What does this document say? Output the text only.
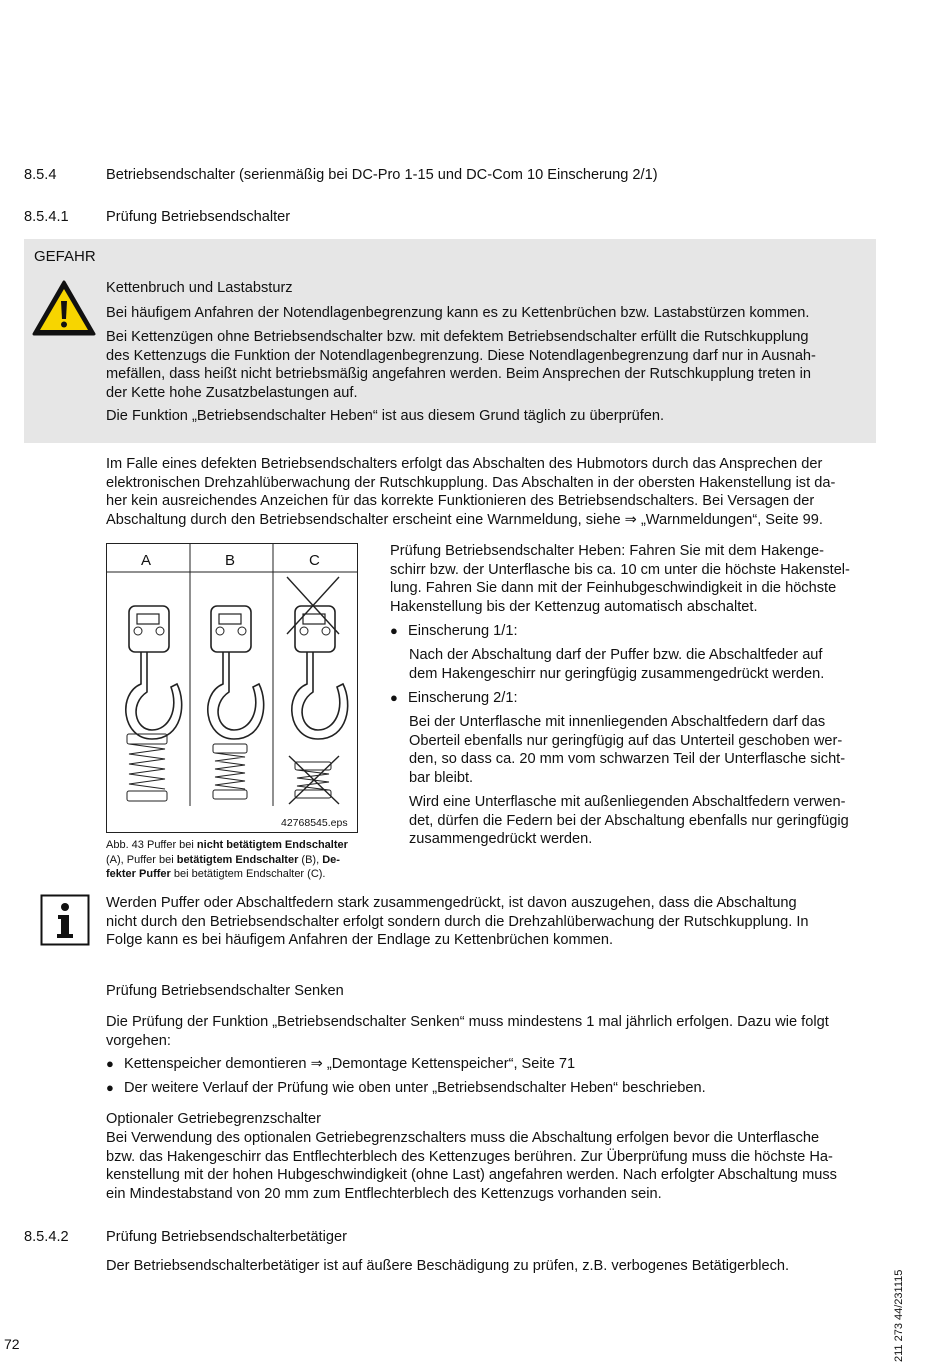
8.5.4	Betriebsendschalter (serienmäßig bei DC-Pro 1-15 und DC-Com 10 Einscherung 2/1)
8.5.4.1	Prüfung Betriebsendschalter
GEFAHR
Kettenbruch und Lastabsturz
Bei häufigem Anfahren der Notendlagenbegrenzung kann es zu Kettenbrüchen bzw. Lastabstürzen kommen.

Bei Kettenzügen ohne Betriebsendschalter bzw. mit defektem Betriebsendschalter erfüllt die Rutschkupplung

des Kettenzugs die Funktion der Notendlagenbegrenzung. Diese Notendlagenbegrenzung darf nur in Ausnah-

mefällen, dass heißt nicht betriebsmäßig angefahren werden. Beim Ansprechen der Rutschkupplung treten in

der Kette hohe Zusatzbelastungen auf.

Die Funktion „Betriebsendschalter Heben“ ist aus diesem Grund täglich zu überprüfen.

Im Falle eines defekten Betriebsendschalters erfolgt das Abschalten des Hubmotors durch das Ansprechen der

elektronischen Drehzahlüberwachung der Rutschkupplung. Das Abschalten in der obersten Hakenstellung ist da-

her kein ausreichendes Anzeichen für das korrekte Funktionieren des Betriebsendschalters. Bei Versagen der

Abschaltung durch den Betriebsendschalter erscheint eine Warnmeldung, siehe ⇒ „Warnmeldungen“, Seite 99.

A	B	C
42768545.eps
Abb. 43 Puffer bei nicht betätigtem Endschalter (A), Puffer bei betätigtem Endschalter (B), De-fekter Puffer bei betätigtem Endschalter (C).

Prüfung Betriebsendschalter Heben: Fahren Sie mit dem Hakenge-

schirr bzw. der Unterflasche bis ca. 10 cm unter die höchste Hakenstel-

lung. Fahren Sie dann mit der Feinhubgeschwindigkeit in die höchste

Hakenstellung bis der Kettenzug automatisch abschaltet.

● Einscherung 1/1:

Nach der Abschaltung darf der Puffer bzw. die Abschaltfeder auf

dem Hakengeschirr nur geringfügig zusammengedrückt werden.

● Einscherung 2/1:

Bei der Unterflasche mit innenliegenden Abschaltfedern darf das

Oberteil ebenfalls nur geringfügig auf das Unterteil geschoben wer-

den, so dass ca. 20 mm vom schwarzen Teil der Unterflasche sicht-

bar bleibt.

Wird eine Unterflasche mit außenliegenden Abschaltfedern verwen-

det, dürfen die Federn bei der Abschaltung ebenfalls nur geringfügig

zusammengedrückt werden.

Werden Puffer oder Abschaltfedern stark zusammengedrückt, ist davon auszugehen, dass die Abschaltung

nicht durch den Betriebsendschalter erfolgt sondern durch die Drehzahlüberwachung der Rutschkupplung. In

Folge kann es bei häufigem Anfahren der Endlage zu Kettenbrüchen kommen.

Prüfung Betriebsendschalter Senken

Die Prüfung der Funktion „Betriebsendschalter Senken“ muss mindestens 1 mal jährlich erfolgen. Dazu wie folgt

vorgehen:

● Kettenspeicher demontieren ⇒ „Demontage Kettenspeicher“, Seite 71
● Der weitere Verlauf der Prüfung wie oben unter „Betriebsendschalter Heben“ beschrieben.
Optionaler Getriebegrenzschalter

Bei Verwendung des optionalen Getriebegrenzschalters muss die Abschaltung erfolgen bevor die Unterflasche

bzw. das Hakengeschirr das Entflechterblech des Kettenzuges berühren. Zur Überprüfung muss die höchste Ha-

kenstellung mit der hohen Hubgeschwindigkeit (ohne Last) angefahren werden. Nach erfolgter Abschaltung muss

ein Mindestabstand von 20 mm zum Entflechterblech des Kettenzugs vorhanden sein.

8.5.4.2	Prüfung Betriebsendschalterbetätiger
Der Betriebsendschalterbetätiger ist auf äußere Beschädigung zu prüfen, z.B. verbogenes Betätigerblech.
72	211 273 44/231115
